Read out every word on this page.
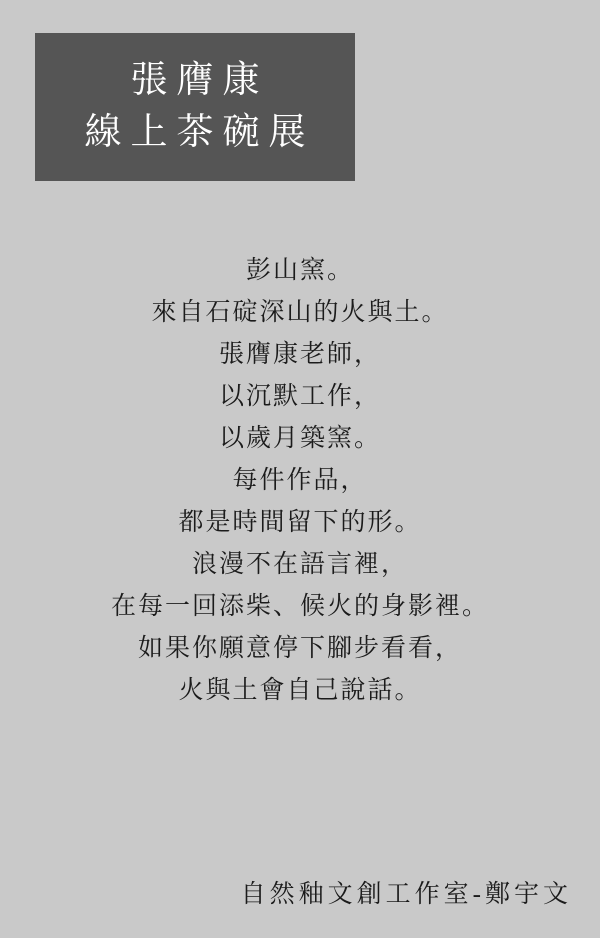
張膺康
線上茶碗展
彭山窯。
來自石碇深山的火與土。
張膺康老師，
以沉默工作，
以歲月築窯。
每件作品，
都是時間留下的形。
浪漫不在語言裡，
在每一回添柴、候火的身影裡。
如果你願意停下腳步看看，
火與土會自己說話。
自然釉文創工作室-鄭宇文
